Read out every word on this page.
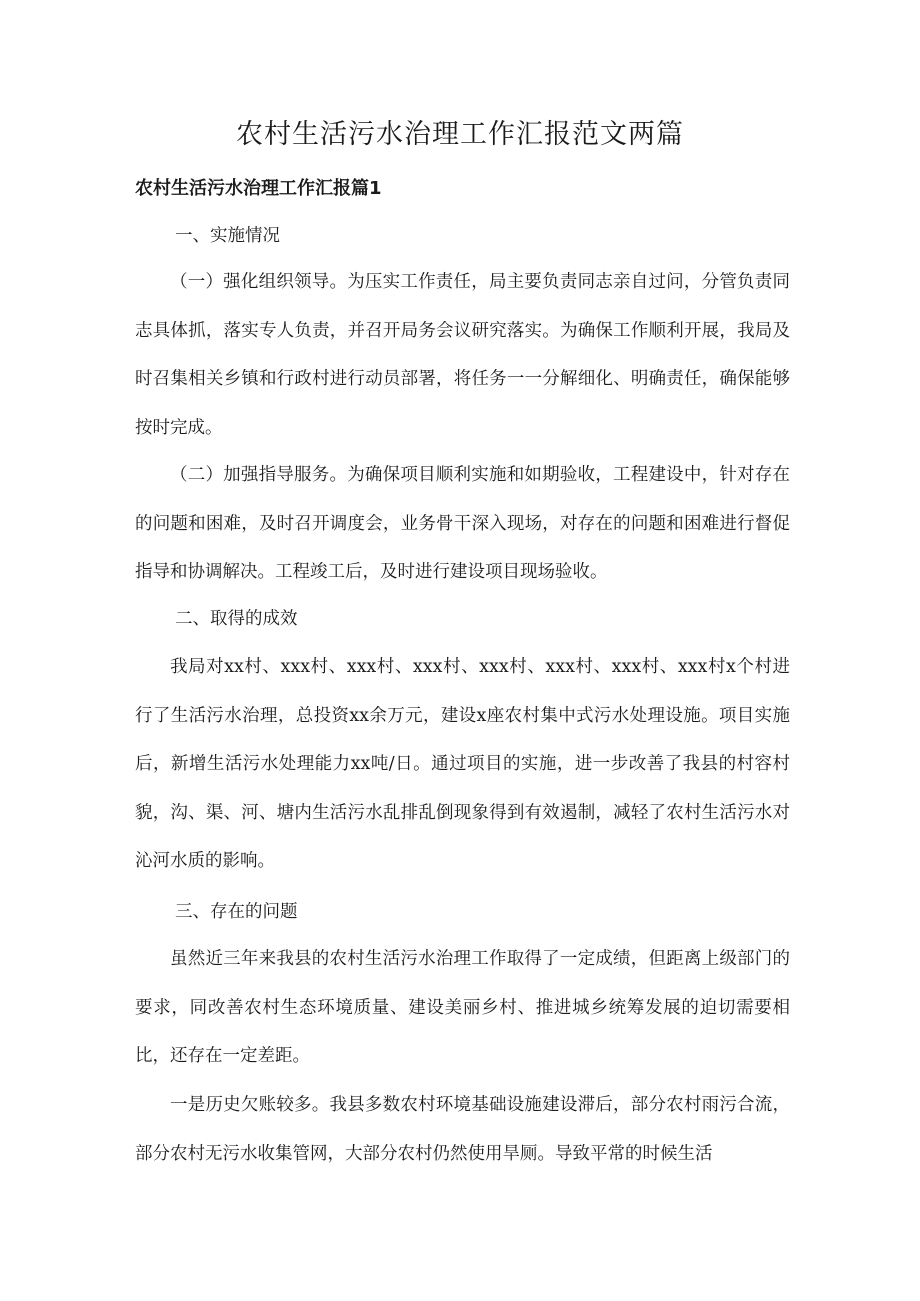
农村生活污水治理工作汇报范文两篇
农村生活污水治理工作汇报篇1

一、实施情况

（一）强化组织领导。为压实工作责任，局主要负责同志亲自过问，分管负责同志具体抓，落实专人负责，并召开局务会议研究落实。为确保工作顺利开展，我局及时召集相关乡镇和行政村进行动员部署，将任务一一分解细化、明确责任，确保能够按时完成。

（二）加强指导服务。为确保项目顺利实施和如期验收，工程建设中，针对存在的问题和困难，及时召开调度会，业务骨干深入现场，对存在的问题和困难进行督促指导和协调解决。工程竣工后，及时进行建设项目现场验收。

二、取得的成效

我局对xx村、xxx村、xxx村、xxx村、xxx村、xxx村、xxx村、xxx村x个村进行了生活污水治理，总投资xx余万元，建设x座农村集中式污水处理设施。项目实施后，新增生活污水处理能力xx吨/日。通过项目的实施，进一步改善了我县的村容村貌，沟、渠、河、塘内生活污水乱排乱倒现象得到有效遏制，减轻了农村生活污水对沁河水质的影响。

三、存在的问题

虽然近三年来我县的农村生活污水治理工作取得了一定成绩，但距离上级部门的要求，同改善农村生态环境质量、建设美丽乡村、推进城乡统筹发展的迫切需要相比，还存在一定差距。

一是历史欠账较多。我县多数农村环境基础设施建设滞后，部分农村雨污合流，部分农村无污水收集管网，大部分农村仍然使用旱厕。导致平常的时候生活
